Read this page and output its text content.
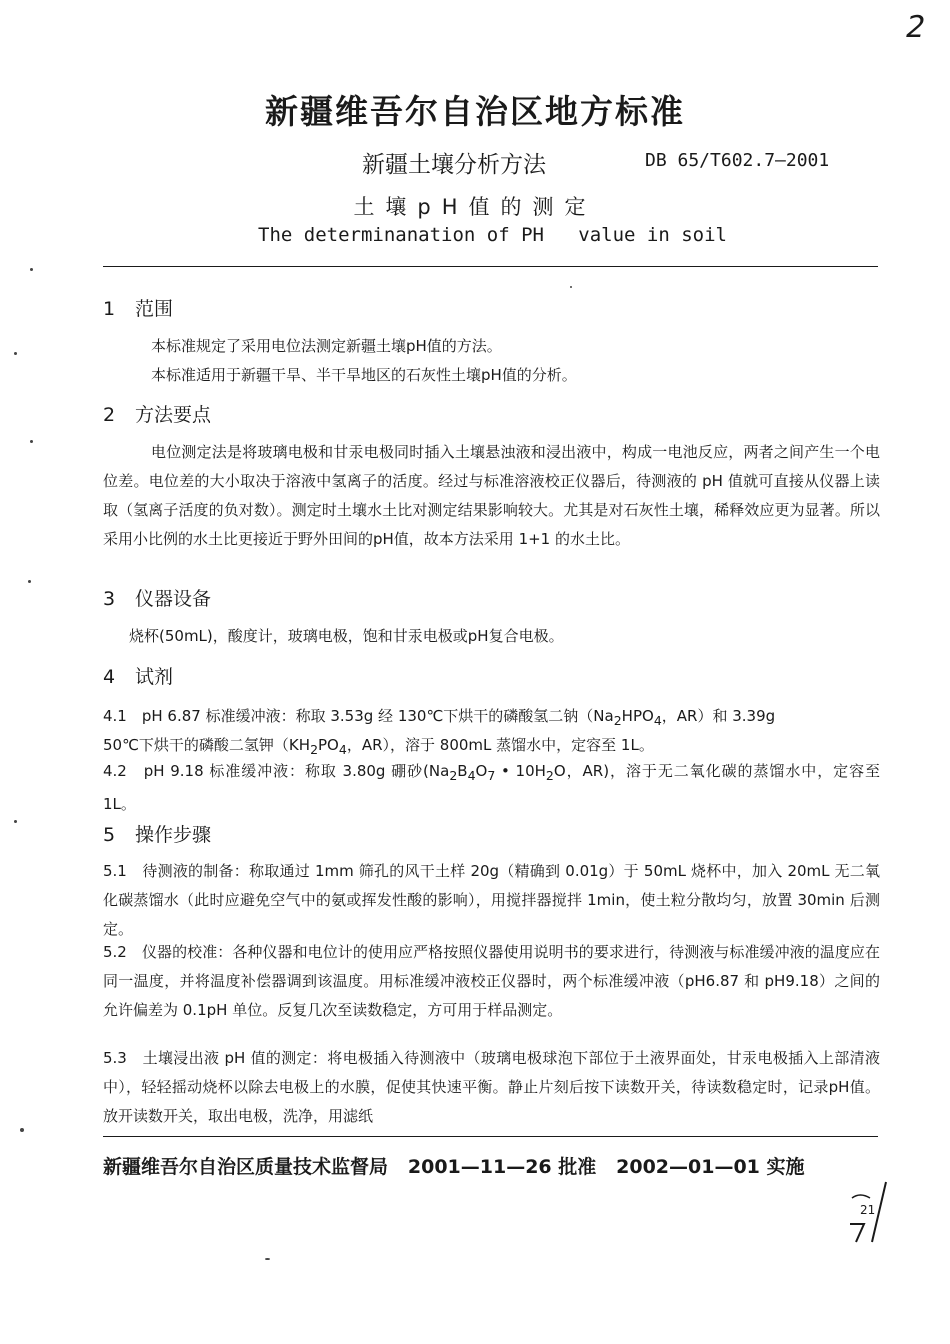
2
新疆维吾尔自治区地方标准
新疆土壤分析方法	DB 65/T602.7—2001
土壤pH值的测定
The determinanation of PH   value in soil
1 范围
本标准规定了采用电位法测定新疆土壤pH值的方法。
本标准适用于新疆干旱、半干旱地区的石灰性土壤pH值的分析。
2 方法要点
电位测定法是将玻璃电极和甘汞电极同时插入土壤悬浊液和浸出液中，构成一电池反应，两者之间产生一个电位差。电位差的大小取决于溶液中氢离子的活度。经过与标准溶液校正仪器后，待测液的 pH 值就可直接从仪器上读取（氢离子活度的负对数）。测定时土壤水土比对测定结果影响较大。尤其是对石灰性土壤，稀释效应更为显著。所以采用小比例的水土比更接近于野外田间的pH值，故本方法采用 1+1 的水土比。
3 仪器设备
烧杯(50mL)，酸度计，玻璃电极，饱和甘汞电极或pH复合电极。
4 试剂
4.1　pH 6.87 标准缓冲液：称取 3.53g 经 130℃下烘干的磷酸氢二钠（$Na_2HPO_4$，AR）和 3.39g
50℃下烘干的磷酸二氢钾（$KH_2PO_4$，AR），溶于 800mL 蒸馏水中，定容至 1L。
4.2　pH 9.18 标准缓冲液：称取 3.80g 硼砂($Na_2B_4O_7$ • $10H_2O$，AR)，溶于无二氧化碳的蒸馏水中，定容至 1L。
5 操作步骤
5.1　待测液的制备：称取通过 1mm 筛孔的风干土样 20g（精确到 0.01g）于 50mL 烧杯中，加入 20mL 无二氧化碳蒸馏水（此时应避免空气中的氨或挥发性酸的影响），用搅拌器搅拌 1min，使土粒分散均匀，放置 30min 后测定。
5.2　仪器的校准：各种仪器和电位计的使用应严格按照仪器使用说明书的要求进行，待测液与标准缓冲液的温度应在同一温度，并将温度补偿器调到该温度。用标准缓冲液校正仪器时，两个标准缓冲液（pH6.87 和 pH9.18）之间的允许偏差为 0.1pH 单位。反复几次至读数稳定，方可用于样品测定。
5.3　土壤浸出液 pH 值的测定：将电极插入待测液中（玻璃电极球泡下部位于土液界面处，甘汞电极插入上部清液中），轻轻摇动烧杯以除去电极上的水膜，促使其快速平衡。静止片刻后按下读数开关，待读数稳定时，记录pH值。放开读数开关，取出电极，洗净，用滤纸
新疆维吾尔自治区质量技术监督局 2001—11—26 批准 2002—01—01 实施
21
